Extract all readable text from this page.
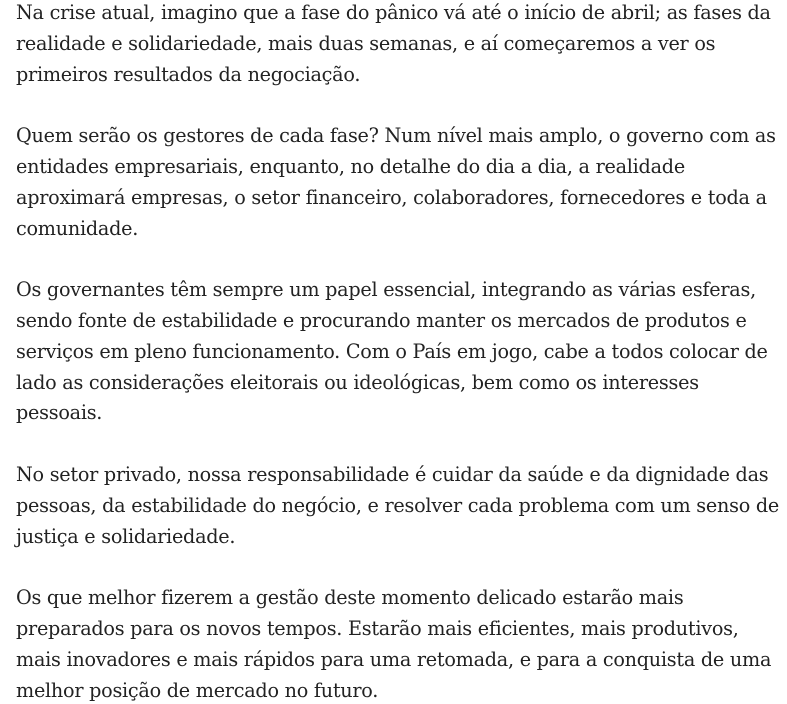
Na crise atual, imagino que a fase do pânico vá até o início de abril; as fases da realidade e solidariedade, mais duas semanas, e aí começaremos a ver os primeiros resultados da negociação.

Quem serão os gestores de cada fase? Num nível mais amplo, o governo com as entidades empresariais, enquanto, no detalhe do dia a dia, a realidade aproximará empresas, o setor financeiro, colaboradores, fornecedores e toda a comunidade.

Os governantes têm sempre um papel essencial, integrando as várias esferas, sendo fonte de estabilidade e procurando manter os mercados de produtos e serviços em pleno funcionamento. Com o País em jogo, cabe a todos colocar de lado as considerações eleitorais ou ideológicas, bem como os interesses pessoais.

No setor privado, nossa responsabilidade é cuidar da saúde e da dignidade das pessoas, da estabilidade do negócio, e resolver cada problema com um senso de justiça e solidariedade.

Os que melhor fizerem a gestão deste momento delicado estarão mais preparados para os novos tempos. Estarão mais eficientes, mais produtivos, mais inovadores e mais rápidos para uma retomada, e para a conquista de uma melhor posição de mercado no futuro.
